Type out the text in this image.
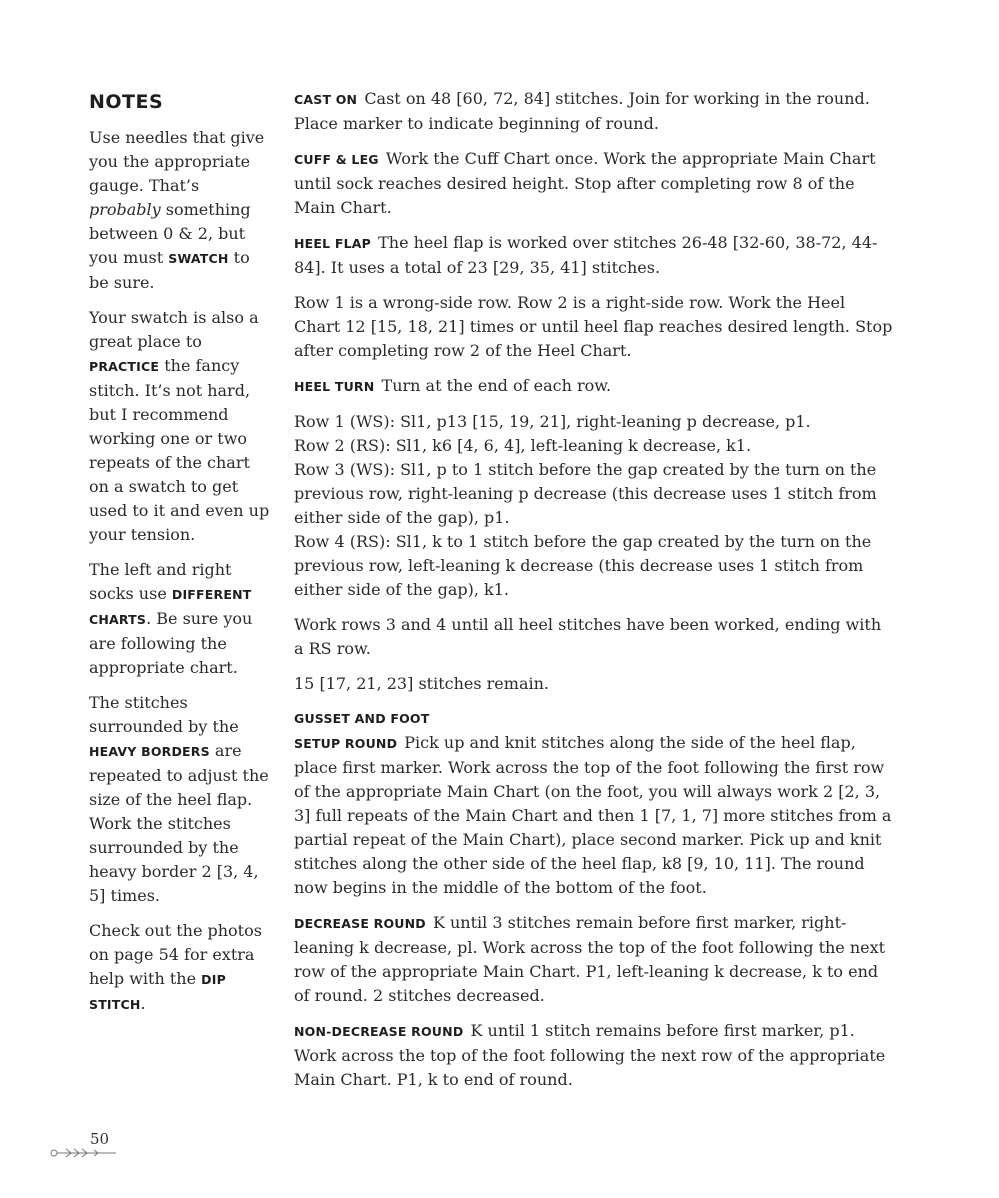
NOTES

Use needles that give you the appropriate gauge. That’s probably something between 0 & 2, but you must SWATCH to be sure.

Your swatch is also a great place to PRACTICE the fancy stitch. It’s not hard, but I recommend working one or two repeats of the chart on a swatch to get used to it and even up your tension.

The left and right socks use DIFFERENT CHARTS. Be sure you are following the appropriate chart.

The stitches surrounded by the HEAVY BORDERS are repeated to adjust the size of the heel flap. Work the stitches surrounded by the heavy border 2 [3, 4, 5] times.

Check out the photos on page 54 for extra help with the DIP STITCH.

CAST ON Cast on 48 [60, 72, 84] stitches. Join for working in the round. Place marker to indicate beginning of round.

CUFF & LEG Work the Cuff Chart once. Work the appropriate Main Chart until sock reaches desired height. Stop after completing row 8 of the Main Chart.

HEEL FLAP The heel flap is worked over stitches 26-48 [32-60, 38-72, 44-84]. It uses a total of 23 [29, 35, 41] stitches.

Row 1 is a wrong-side row. Row 2 is a right-side row. Work the Heel Chart 12 [15, 18, 21] times or until heel flap reaches desired length. Stop after completing row 2 of the Heel Chart.

HEEL TURN Turn at the end of each row.

Row 1 (WS): Sl1, p13 [15, 19, 21], right-leaning p decrease, p1.
Row 2 (RS): Sl1, k6 [4, 6, 4], left-leaning k decrease, k1.
Row 3 (WS): Sl1, p to 1 stitch before the gap created by the turn on the previous row, right-leaning p decrease (this decrease uses 1 stitch from either side of the gap), p1.
Row 4 (RS): Sl1, k to 1 stitch before the gap created by the turn on the previous row, left-leaning k decrease (this decrease uses 1 stitch from either side of the gap), k1.

Work rows 3 and 4 until all heel stitches have been worked, ending with a RS row.

15 [17, 21, 23] stitches remain.

GUSSET AND FOOT

SETUP ROUND Pick up and knit stitches along the side of the heel flap, place first marker. Work across the top of the foot following the first row of the appropriate Main Chart (on the foot, you will always work 2 [2, 3, 3] full repeats of the Main Chart and then 1 [7, 1, 7] more stitches from a partial repeat of the Main Chart), place second marker. Pick up and knit stitches along the other side of the heel flap, k8 [9, 10, 11]. The round now begins in the middle of the bottom of the foot.

DECREASE ROUND K until 3 stitches remain before first marker, right-leaning k decrease, pl. Work across the top of the foot following the next row of the appropriate Main Chart. P1, left-leaning k decrease, k to end of round. 2 stitches decreased.

NON-DECREASE ROUND K until 1 stitch remains before first marker, p1. Work across the top of the foot following the next row of the appropriate Main Chart. P1, k to end of round.

50
